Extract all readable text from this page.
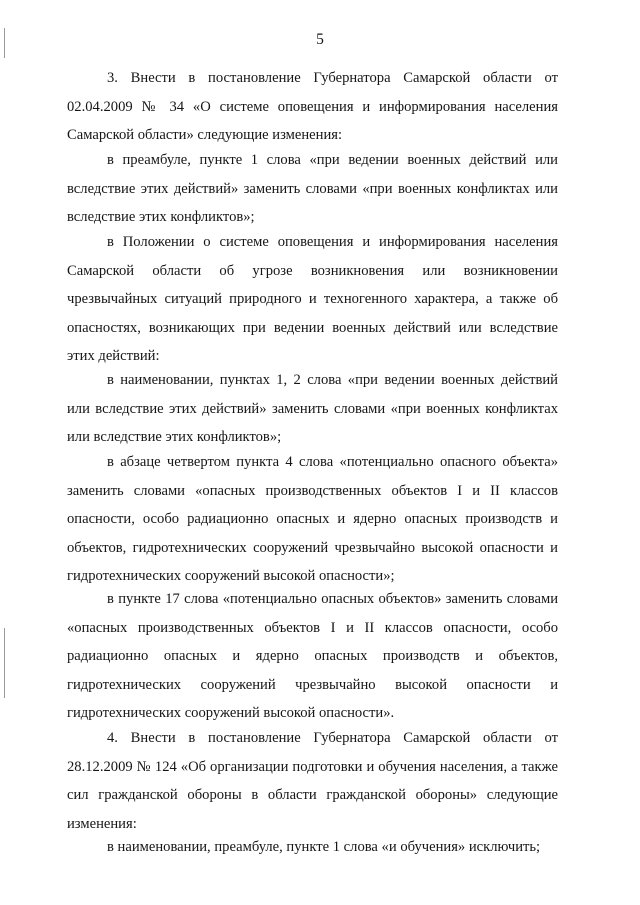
5

3. Внести в постановление Губернатора Самарской области от 02.04.2009 № 34 «О системе оповещения и информирования населения Самарской области» следующие изменения:

в преамбуле, пункте 1 слова «при ведении военных действий или вследствие этих действий» заменить словами «при военных конфликтах или вследствие этих конфликтов»;

в Положении о системе оповещения и информирования населения Самарской области об угрозе возникновения или возникновении чрезвычайных ситуаций природного и техногенного характера, а также об опасностях, возникающих при ведении военных действий или вследствие этих действий:

в наименовании, пунктах 1, 2 слова «при ведении военных действий или вследствие этих действий» заменить словами «при военных конфликтах или вследствие этих конфликтов»;

в абзаце четвертом пункта 4 слова «потенциально опасного объекта» заменить словами «опасных производственных объектов I и II классов опасности, особо радиационно опасных и ядерно опасных производств и объектов, гидротехнических сооружений чрезвычайно высокой опасности и гидротехнических сооружений высокой опасности»;

в пункте 17 слова «потенциально опасных объектов» заменить словами «опасных производственных объектов I и II классов опасности, особо радиационно опасных и ядерно опасных производств и объектов, гидротехнических сооружений чрезвычайно высокой опасности и гидротехнических сооружений высокой опасности».

4. Внести в постановление Губернатора Самарской области от 28.12.2009 № 124 «Об организации подготовки и обучения населения, а также сил гражданской обороны в области гражданской обороны» следующие изменения:

в наименовании, преамбуле, пункте 1 слова «и обучения» исключить;
